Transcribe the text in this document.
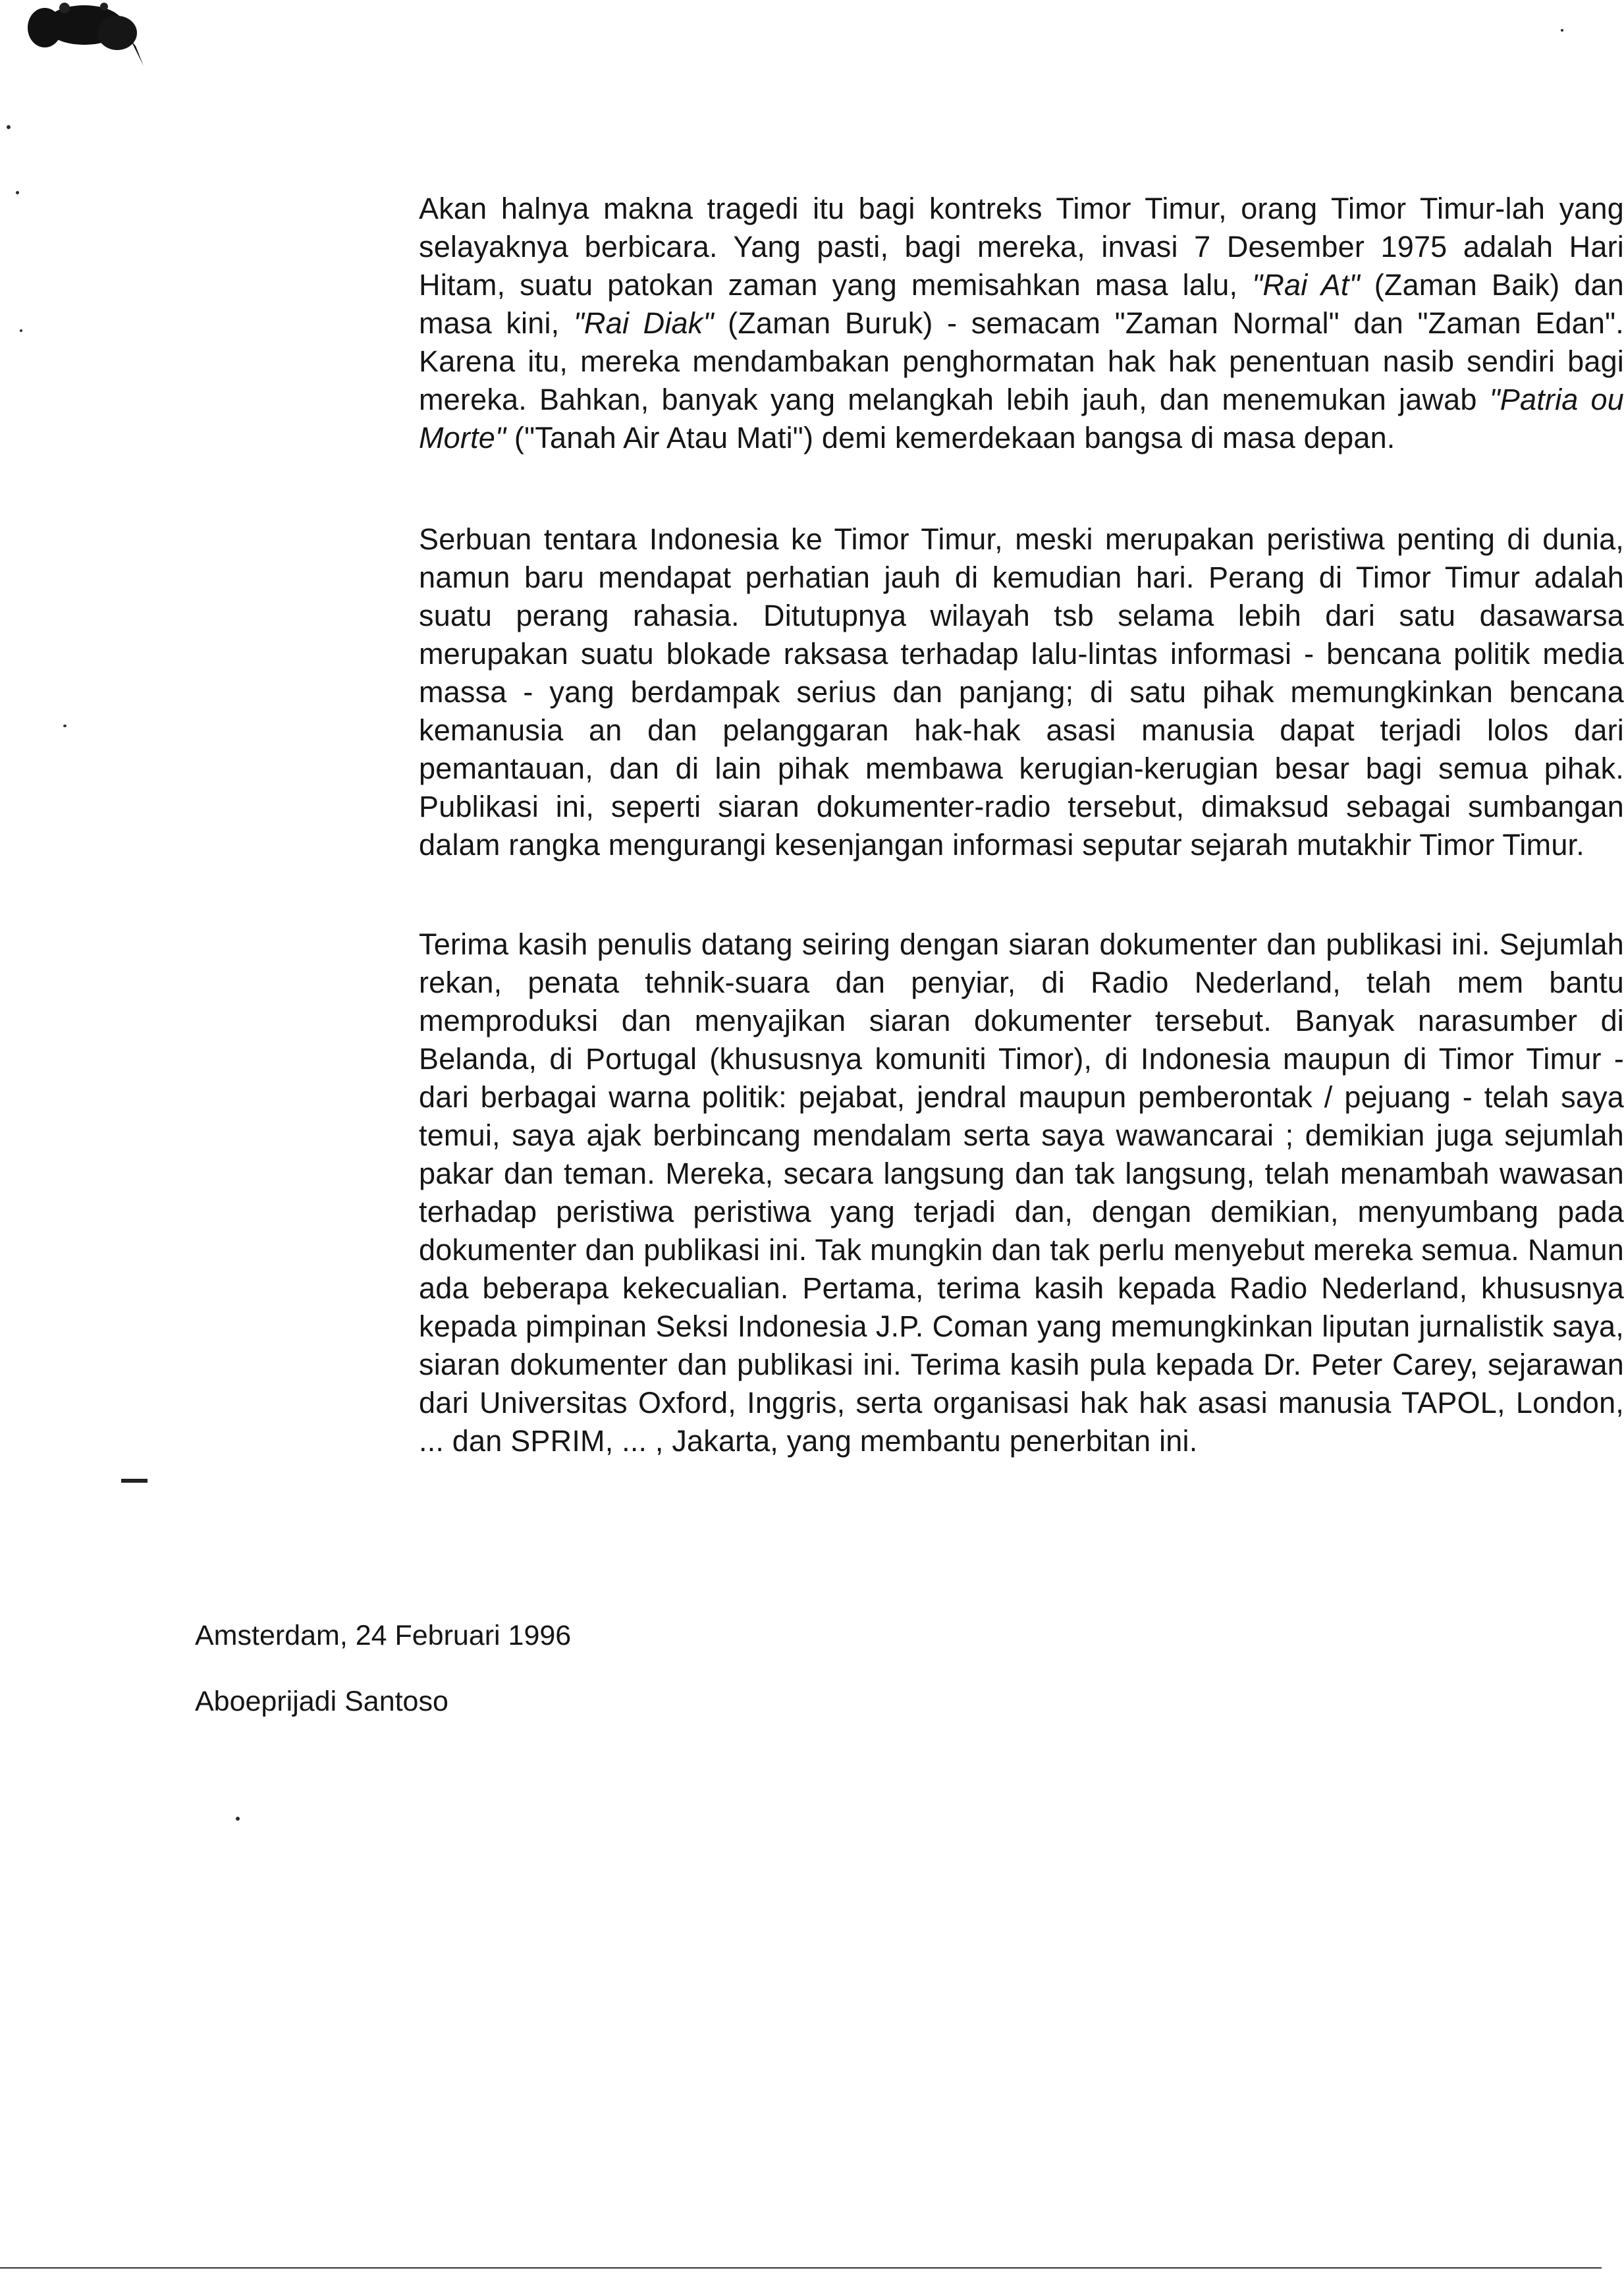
Akan halnya makna tragedi itu bagi kontreks Timor Timur, orang Timor Timur-lah yang selayaknya berbicara. Yang pasti, bagi mereka, invasi 7 Desember 1975 adalah Hari Hitam, suatu patokan zaman yang memisahkan masa lalu, "Rai At" (Zaman Baik) dan masa kini, "Rai Diak" (Zaman Buruk) - semacam "Zaman Normal" dan "Zaman Edan". Karena itu, mereka mendambakan penghormatan hak hak penentuan nasib sendiri bagi mereka. Bahkan, banyak yang melangkah lebih jauh, dan menemukan jawab "Patria ou Morte" ("Tanah Air Atau Mati") demi kemerdekaan bangsa di masa depan.

Serbuan tentara Indonesia ke Timor Timur, meski merupakan peristiwa penting di dunia, namun baru mendapat perhatian jauh di kemudian hari. Perang di Timor Timur adalah suatu perang rahasia. Ditutupnya wilayah tsb selama lebih dari satu dasawarsa merupakan suatu blokade raksasa terhadap lalu-lintas informasi - bencana politik media massa - yang berdampak serius dan panjang; di satu pihak memungkinkan bencana kemanusia an dan pelanggaran hak-hak asasi manusia dapat terjadi lolos dari pemantauan, dan di lain pihak membawa kerugian-kerugian besar bagi semua pihak. Publikasi ini, seperti siaran dokumenter-radio tersebut, dimaksud sebagai sumbangan dalam rangka mengurangi kesenjangan informasi seputar sejarah mutakhir Timor Timur.

Terima kasih penulis datang seiring dengan siaran dokumenter dan publikasi ini. Sejumlah rekan, penata tehnik-suara dan penyiar, di Radio Nederland, telah mem bantu memproduksi dan menyajikan siaran dokumenter tersebut. Banyak narasumber di Belanda, di Portugal (khususnya komuniti Timor), di Indonesia maupun di Timor Timur - dari berbagai warna politik: pejabat, jendral maupun pemberontak / pejuang - telah saya temui, saya ajak berbincang mendalam serta saya wawancarai ; demikian juga sejumlah pakar dan teman. Mereka, secara langsung dan tak langsung, telah menambah wawasan terhadap peristiwa peristiwa yang terjadi dan, dengan demikian, menyumbang pada dokumenter dan publikasi ini. Tak mungkin dan tak perlu menyebut mereka semua. Namun ada beberapa kekecualian. Pertama, terima kasih kepada Radio Nederland, khususnya kepada pimpinan Seksi Indonesia J.P. Coman yang memungkinkan liputan jurnalistik saya, siaran dokumenter dan publikasi ini. Terima kasih pula kepada Dr. Peter Carey, sejarawan dari Universitas Oxford, Inggris, serta organisasi hak hak asasi manusia TAPOL, London, ... dan SPRIM, ... , Jakarta, yang membantu penerbitan ini.

Amsterdam, 24 Februari 1996

Aboeprijadi Santoso
